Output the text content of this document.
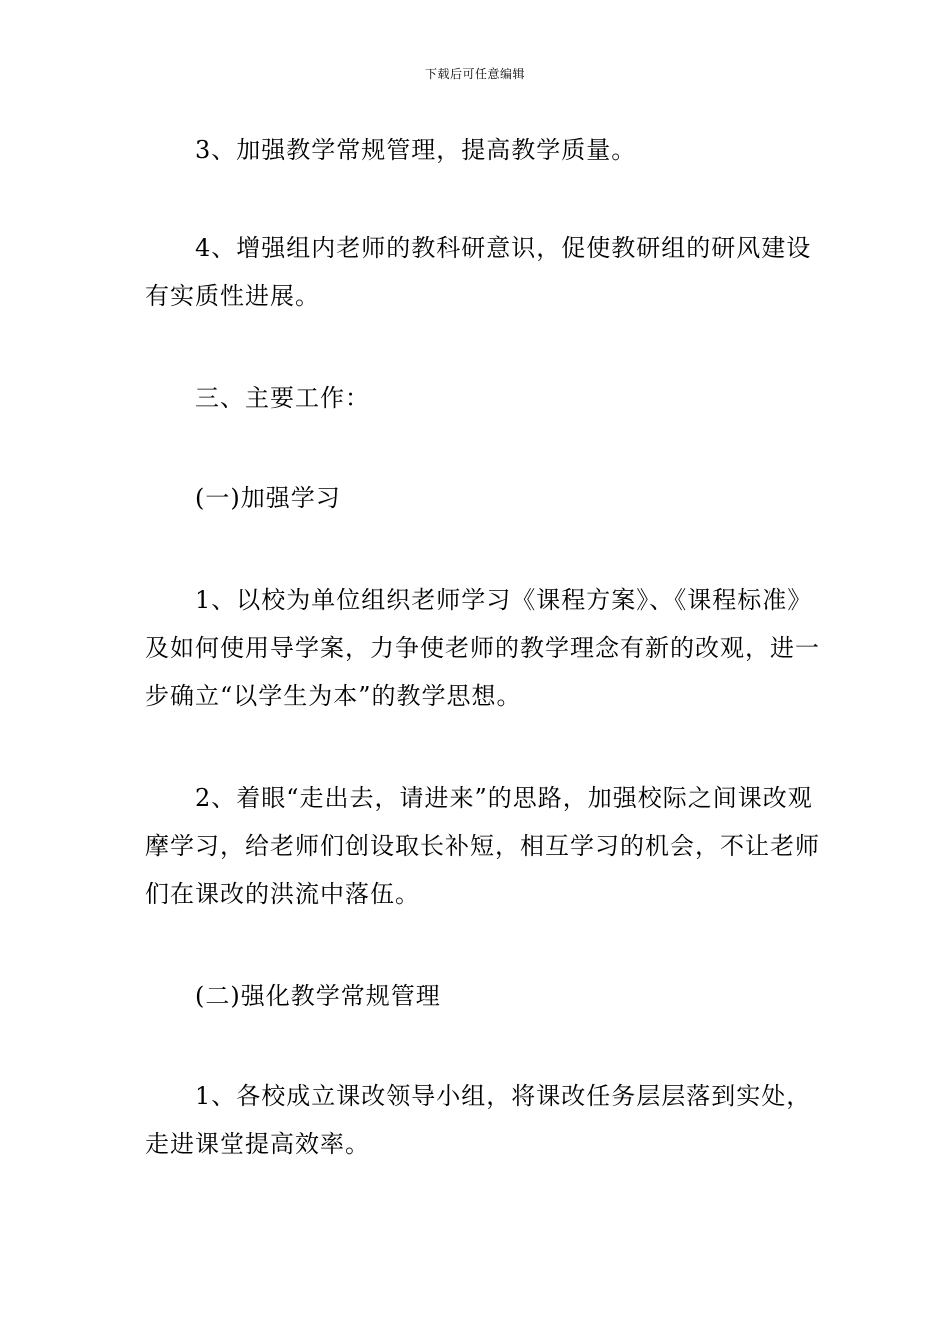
下载后可任意编辑

3、加强教学常规管理，提高教学质量。

4、增强组内老师的教科研意识，促使教研组的研风建设有实质性进展。

三、主要工作：

(一)加强学习

1、以校为单位组织老师学习《课程方案》、《课程标准》及如何使用导学案，力争使老师的教学理念有新的改观，进一步确立“以学生为本”的教学思想。

2、着眼“走出去，请进来”的思路，加强校际之间课改观摩学习，给老师们创设取长补短，相互学习的机会，不让老师们在课改的洪流中落伍。

(二)强化教学常规管理

1、各校成立课改领导小组，将课改任务层层落到实处，走进课堂提高效率。
